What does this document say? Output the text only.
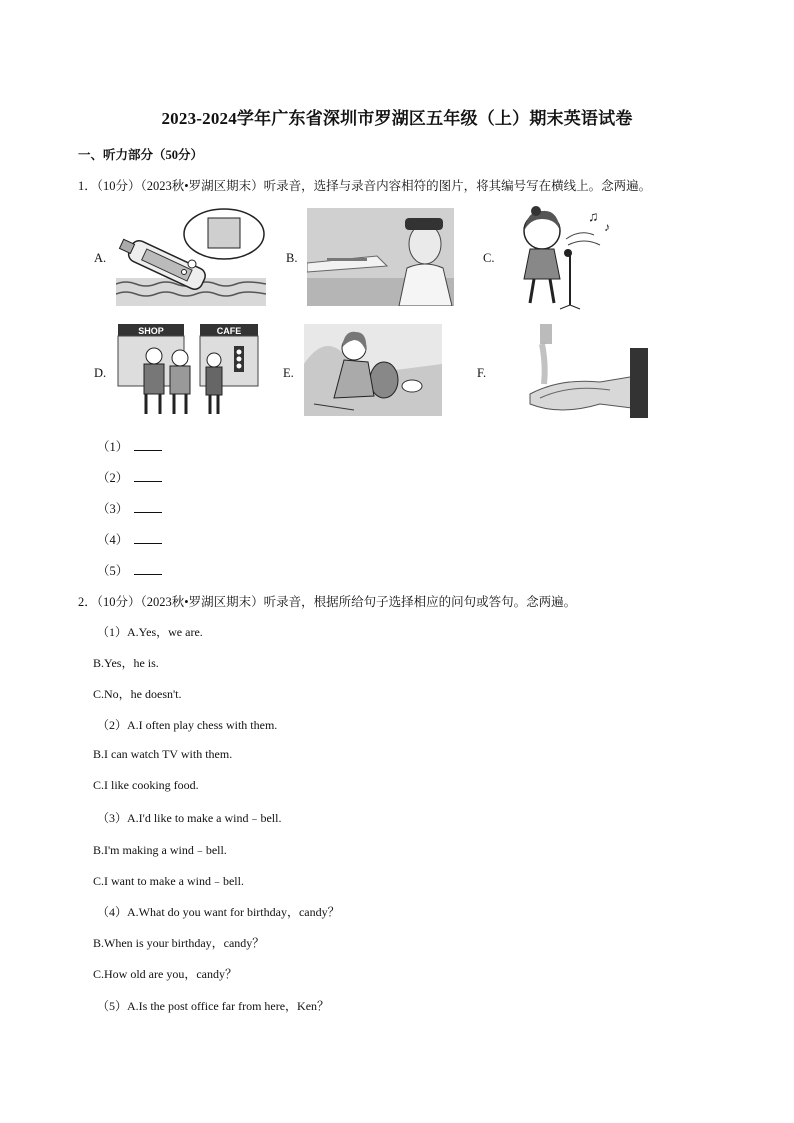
2023-2024学年广东省深圳市罗湖区五年级（上）期末英语试卷
一、听力部分（50分）
1．（10分）（2023秋•罗湖区期末）听录音，选择与录音内容相符的图片，将其编号写在横线上。念两遍。
A.	B.	C.
♫
♪
D.
SHOP	CAFE
E.	F.
（1）
（2）
（3）
（4）
（5）
2．（10分）（2023秋•罗湖区期末）听录音，根据所给句子选择相应的问句或答句。念两遍。
（1）A.Yes，we are.
B.Yes，he is.
C.No，he doesn't.
（2）A.I often play chess with them.
B.I can watch TV with them.
C.I like cooking food.
（3）A.I'd like to make a wind﹣bell.
B.I'm making a wind﹣bell.
C.I want to make a wind﹣bell.
（4）A.What do you want for birthday，candy？
B.When is your birthday，candy？
C.How old are you，candy？
（5）A.Is the post office far from here，Ken？
